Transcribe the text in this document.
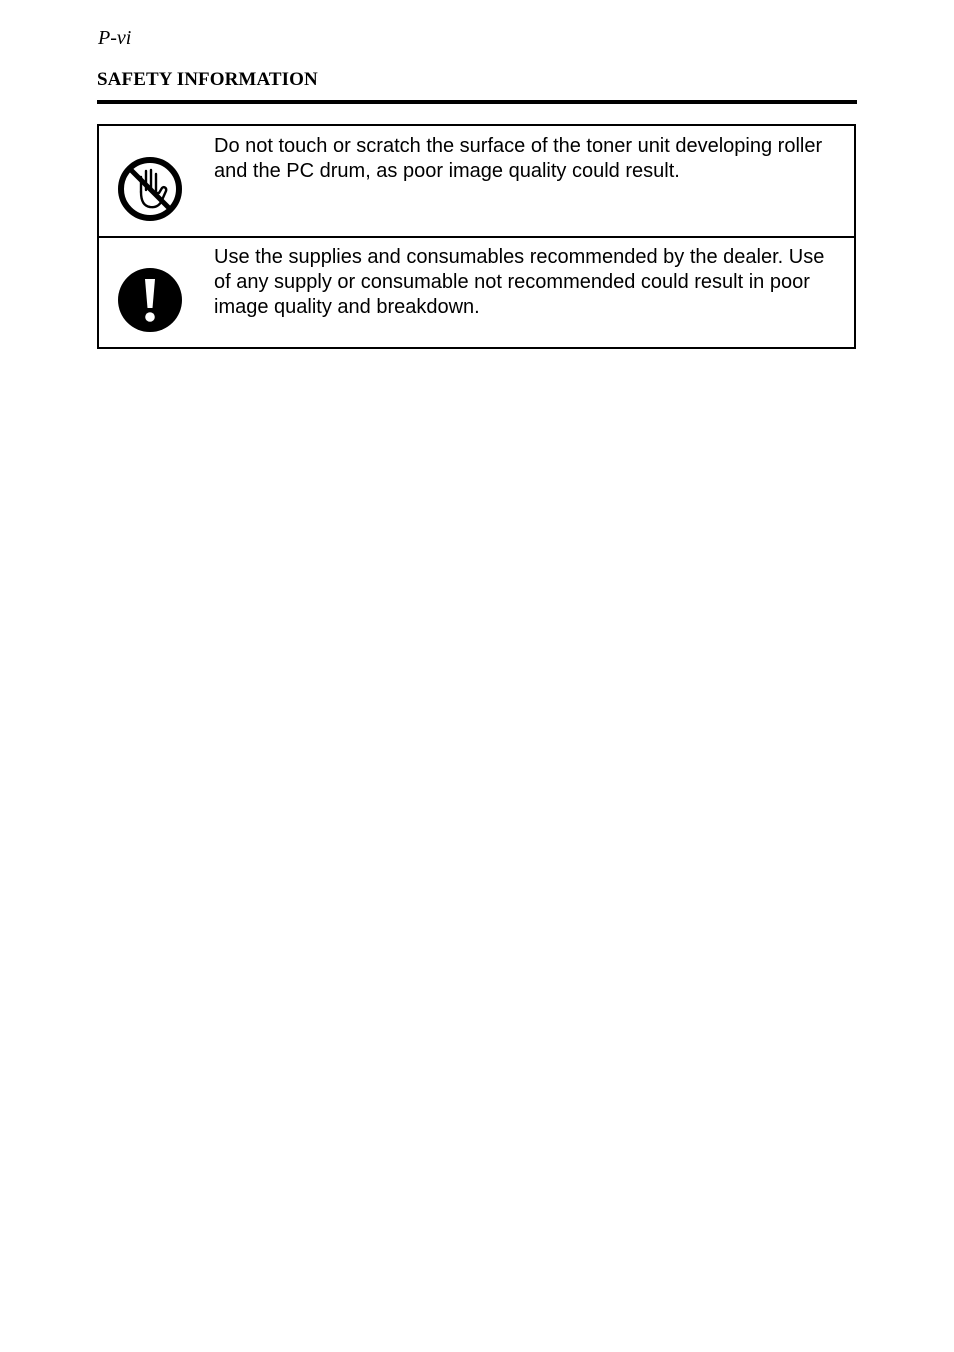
P-vi
SAFETY INFORMATION
Do not touch or scratch the surface of the toner unit developing roller and the PC drum, as poor image quality could result.
Use the supplies and consumables recommended by the dealer. Use of any supply or consumable not recommended could result in poor image quality and breakdown.
